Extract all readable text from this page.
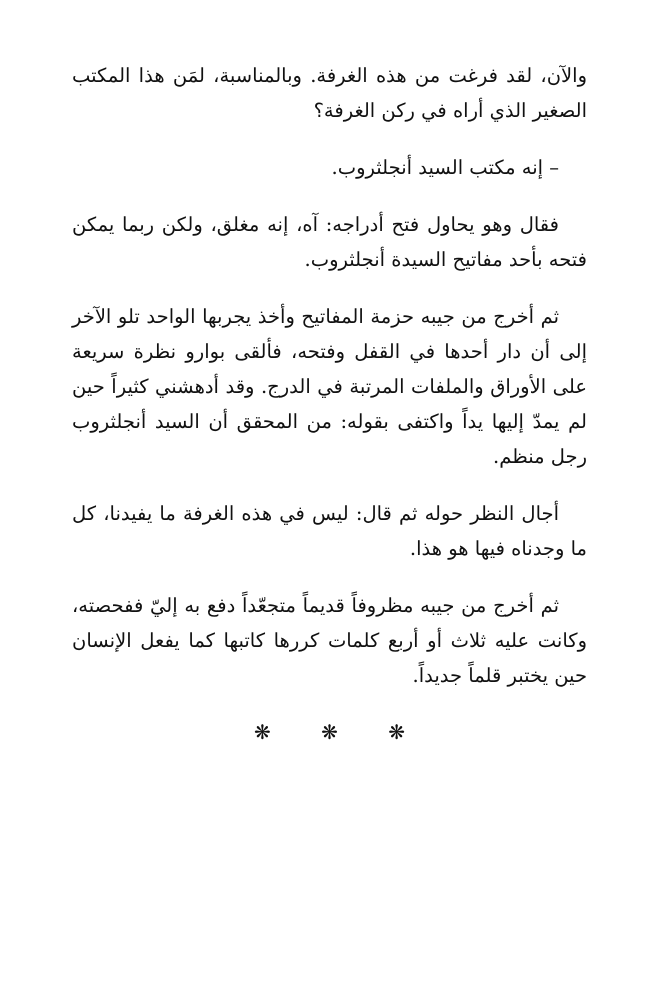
والآن، لقد فرغت من هذه الغرفة. وبالمناسبة، لمَن هذا المكتب الصغير الذي أراه في ركن الغرفة؟

– إنه مكتب السيد أنجلثروب.

فقال وهو يحاول فتح أدراجه: آه، إنه مغلق، ولكن ربما يمكن فتحه بأحد مفاتيح السيدة أنجلثروب.

ثم أخرج من جيبه حزمة المفاتيح وأخذ يجربها الواحد تلو الآخر إلى أن دار أحدها في القفل وفتحه، فألقى بوارو نظرة سريعة على الأوراق والملفات المرتبة في الدرج. وقد أدهشني كثيراً حين لم يمدّ إليها يداً واكتفى بقوله: من المحقق أن السيد أنجلثروب رجل منظم.

أجال النظر حوله ثم قال: ليس في هذه الغرفة ما يفيدنا، كل ما وجدناه فيها هو هذا.

ثم أخرج من جيبه مظروفاً قديماً متجعّداً دفع به إليّ ففحصته، وكانت عليه ثلاث أو أربع كلمات كررها كاتبها كما يفعل الإنسان حين يختبر قلماً جديداً.

❋ ❋ ❋
